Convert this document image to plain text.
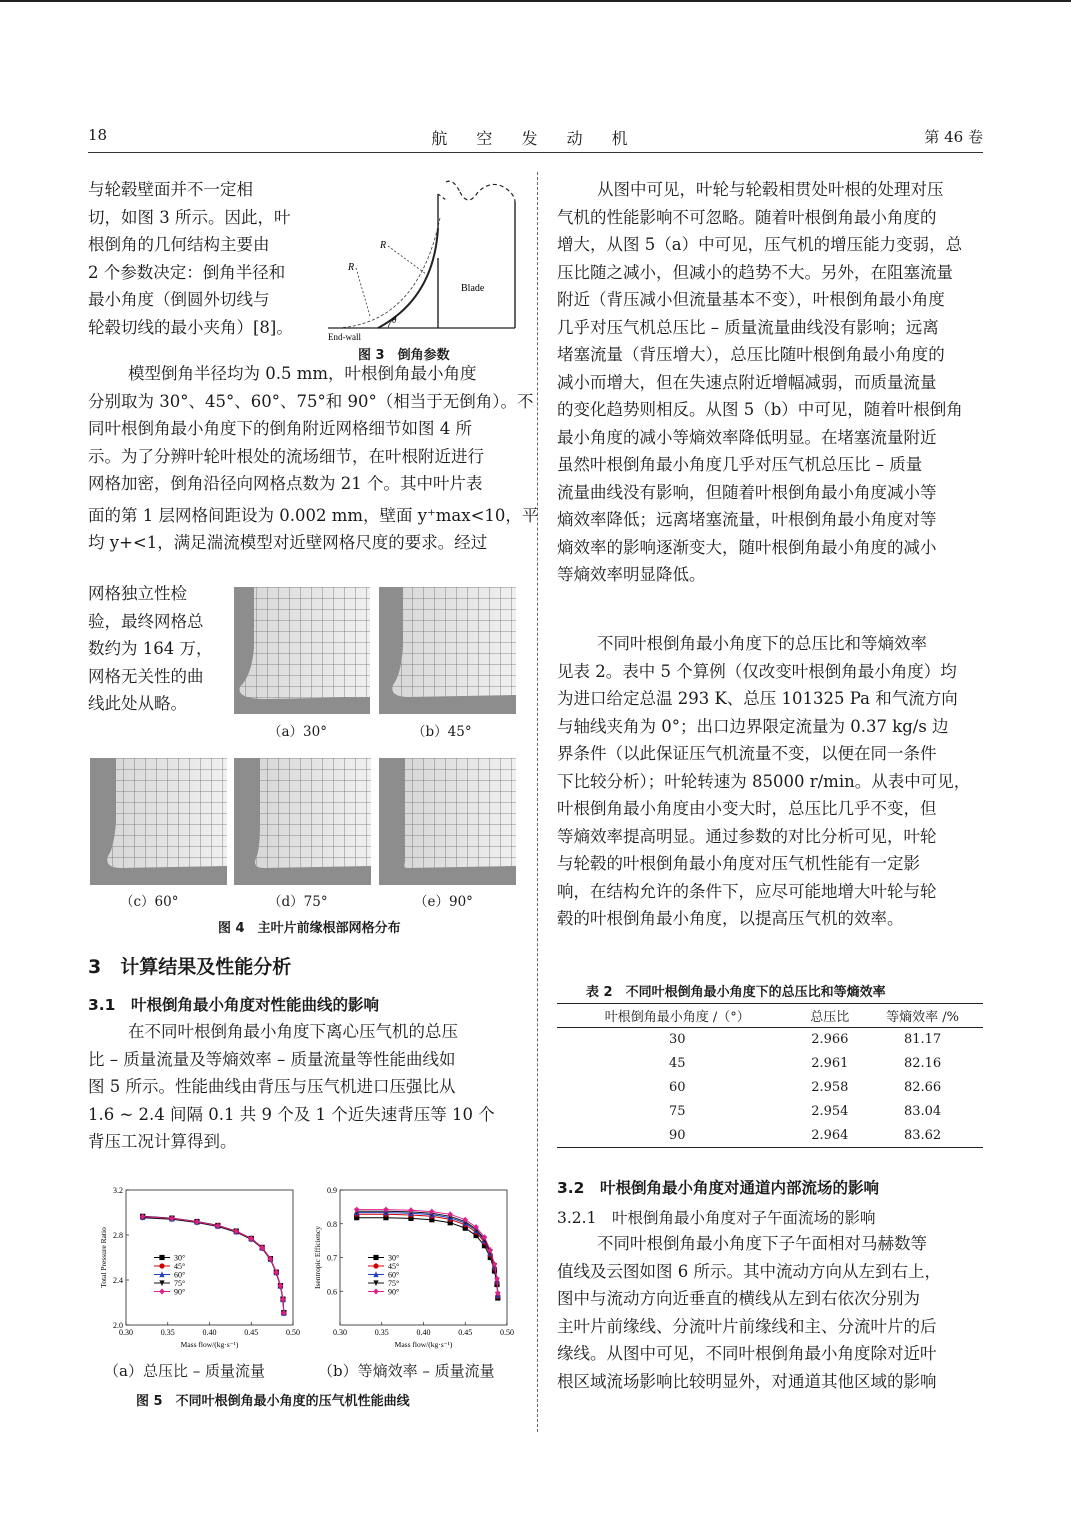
18	航 空 发 动 机	第 46 卷
与轮毂壁面并不一定相
切，如图 3 所示。因此，叶
根倒角的几何结构主要由
2 个参数决定：倒角半径和
最小角度（倒圆外切线与
轮毂切线的最小夹角）[8]。
R
R
Blade
End-wall
θ
图 3　倒角参数
模型倒角半径均为 0.5 mm，叶根倒角最小角度
分别取为 30°、45°、60°、75°和 90°（相当于无倒角）。不
同叶根倒角最小角度下的倒角附近网格细节如图 4 所
示。为了分辨叶轮叶根处的流场细节，在叶根附近进行
网格加密，倒角沿径向网格点数为 21 个。其中叶片表
面的第 1 层网格间距设为 0.002 mm，壁面 y⁺max<10，平
均 y+<1，满足湍流模型对近壁网格尺度的要求。经过
网格独立性检
验，最终网格总
数约为 164 万，
网格无关性的曲
线此处从略。
（a）30°	（b）45°
（c）60°	（d）75°	（e）90°
图 4　主叶片前缘根部网格分布
3　计算结果及性能分析
3.1　叶根倒角最小角度对性能曲线的影响
在不同叶根倒角最小角度下离心压气机的总压
比 – 质量流量及等熵效率 – 质量流量等性能曲线如
图 5 所示。性能曲线由背压与压气机进口压强比从
1.6 ~ 2.4 间隔 0.1 共 9 个及 1 个近失速背压等 10 个
背压工况计算得到。
0.30	0.35	0.40	0.45	0.50
2.0
2.4
2.8
3.2
Mass flow/(kg·s⁻¹)
Total Pressure Ratio	30°
45°
60°
75°
90°
0.30	0.35	0.40	0.45	0.50
0.6
0.7
0.8
0.9
Mass flow/(kg·s⁻¹)
Isentropic Efficiency	30°
45°
60°
75°
90°
（a）总压比 – 质量流量	（b）等熵效率 – 质量流量
图 5　不同叶根倒角最小角度的压气机性能曲线
从图中可见，叶轮与轮毂相贯处叶根的处理对压
气机的性能影响不可忽略。随着叶根倒角最小角度的
增大，从图 5（a）中可见，压气机的增压能力变弱，总
压比随之减小，但减小的趋势不大。另外，在阻塞流量
附近（背压减小但流量基本不变），叶根倒角最小角度
几乎对压气机总压比 – 质量流量曲线没有影响；远离
堵塞流量（背压增大），总压比随叶根倒角最小角度的
减小而增大，但在失速点附近增幅减弱，而质量流量
的变化趋势则相反。从图 5（b）中可见，随着叶根倒角
最小角度的减小等熵效率降低明显。在堵塞流量附近
虽然叶根倒角最小角度几乎对压气机总压比 – 质量
流量曲线没有影响，但随着叶根倒角最小角度减小等
熵效率降低；远离堵塞流量，叶根倒角最小角度对等
熵效率的影响逐渐变大，随叶根倒角最小角度的减小
等熵效率明显降低。
不同叶根倒角最小角度下的总压比和等熵效率
见表 2。表中 5 个算例（仅改变叶根倒角最小角度）均
为进口给定总温 293 K、总压 101325 Pa 和气流方向
与轴线夹角为 0°；出口边界限定流量为 0.37 kg/s 边
界条件（以此保证压气机流量不变，以便在同一条件
下比较分析）；叶轮转速为 85000 r/min。从表中可见，
叶根倒角最小角度由小变大时，总压比几乎不变，但
等熵效率提高明显。通过参数的对比分析可见，叶轮
与轮毂的叶根倒角最小角度对压气机性能有一定影
响，在结构允许的条件下，应尽可能地增大叶轮与轮
毂的叶根倒角最小角度，以提高压气机的效率。
表 2　不同叶根倒角最小角度下的总压比和等熵效率
叶根倒角最小角度 /（°）	总压比	等熵效率 /%
30	2.966	81.17
45	2.961	82.16
60	2.958	82.66
75	2.954	83.04
90	2.964	83.62
3.2　叶根倒角最小角度对通道内部流场的影响
3.2.1　叶根倒角最小角度对子午面流场的影响
不同叶根倒角最小角度下子午面相对马赫数等
值线及云图如图 6 所示。其中流动方向从左到右上，
图中与流动方向近垂直的横线从左到右依次分别为
主叶片前缘线、分流叶片前缘线和主、分流叶片的后
缘线。从图中可见，不同叶根倒角最小角度除对近叶
根区域流场影响比较明显外，对通道其他区域的影响
